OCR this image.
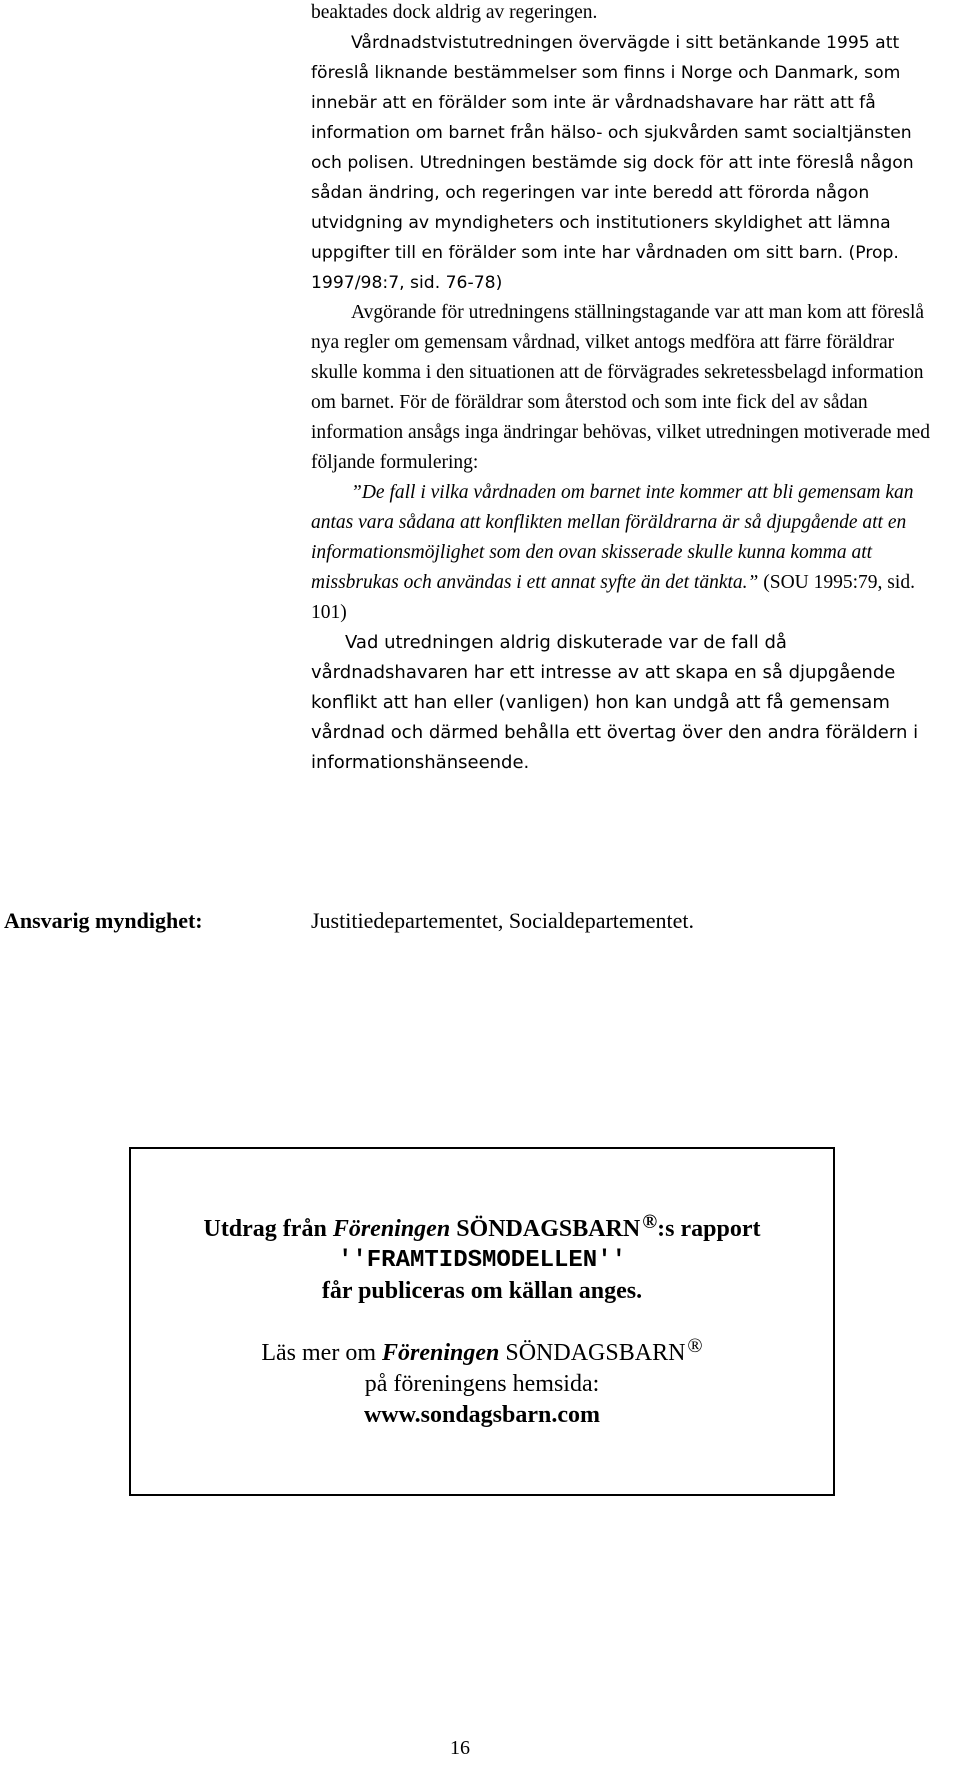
beaktades dock aldrig av regeringen.

Vårdnadstvistutredningen övervägde i sitt betänkande 1995 att föreslå liknande bestämmelser som finns i Norge och Danmark, som innebär att en förälder som inte är vårdnadshavare har rätt att få information om barnet från hälso- och sjukvården samt socialtjänsten och polisen. Utredningen bestämde sig dock för att inte föreslå någon sådan ändring, och regeringen var inte beredd att förorda någon utvidgning av myndigheters och institutioners skyldighet att lämna uppgifter till en förälder som inte har vårdnaden om sitt barn. (Prop. 1997/98:7, sid. 76-78)

Avgörande för utredningens ställningstagande var att man kom att föreslå nya regler om gemensam vårdnad, vilket antogs medföra att färre föräldrar skulle komma i den situationen att de förvägrades sekretessbelagd information om barnet. För de föräldrar som återstod och som inte fick del av sådan information ansågs inga ändringar behövas, vilket utredningen motiverade med följande formulering:

”De fall i vilka vårdnaden om barnet inte kommer att bli gemensam kan antas vara sådana att konflikten mellan föräldrarna är så djupgående att en informationsmöjlighet som den ovan skisserade skulle kunna komma att missbrukas och användas i ett annat syfte än det tänkta.” (SOU 1995:79, sid. 101)

Vad utredningen aldrig diskuterade var de fall då vårdnadshavaren har ett intresse av att skapa en så djupgående konflikt att han eller (vanligen) hon kan undgå att få gemensam vårdnad och därmed behålla ett övertag över den andra föräldern i informationshänseende.

Ansvarig myndighet:	Justitiedepartementet, Socialdepartementet.
Utdrag från Föreningen SÖNDAGSBARN ®:s rapport
′′FRAMTIDSMODELLEN′′
får publiceras om källan anges.
Läs mer om Föreningen SÖNDAGSBARN ®
på föreningens hemsida:
www.sondagsbarn.com
16
